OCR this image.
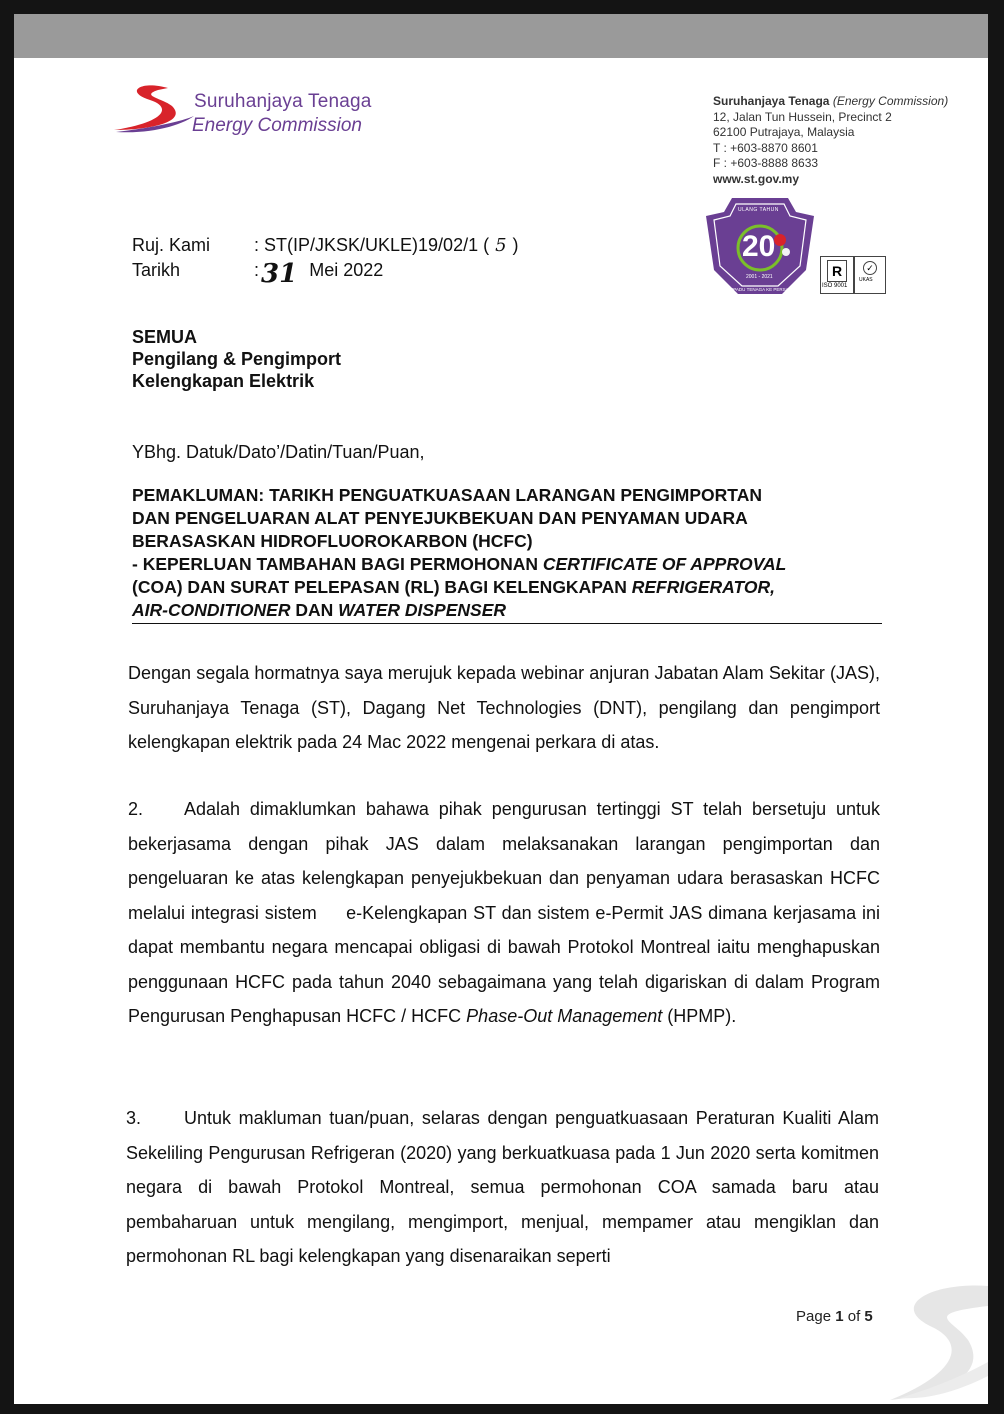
Suruhanjaya Tenaga
Energy Commission
Suruhanjaya Tenaga (Energy Commission)
12, Jalan Tun Hussein, Precinct 2
62100 Putrajaya, Malaysia
T : +603-8870 8601
F : +603-8888 8633
www.st.gov.my
ULANG TAHUN
20
2001 - 2021
BERPADU TENAGA KE PERSADA DUNIA
R
ISO 9001
✓
UKAS
Ruj. Kami : ST(IP/JKSK/UKLE)19/02/1 ( 5 )
Tarikh	:31 Mei 2022
SEMUA
Pengilang & Pengimport
Kelengkapan Elektrik
YBhg. Datuk/Dato’/Datin/Tuan/Puan,
PEMAKLUMAN: TARIKH PENGUATKUASAAN LARANGAN PENGIMPORTAN
DAN PENGELUARAN ALAT PENYEJUKBEKUAN DAN PENYAMAN UDARA
BERASASKAN HIDROFLUOROKARBON (HCFC)
- KEPERLUAN TAMBAHAN BAGI PERMOHONAN CERTIFICATE OF APPROVAL
(COA) DAN SURAT PELEPASAN (RL) BAGI KELENGKAPAN REFRIGERATOR,
AIR-CONDITIONER DAN WATER DISPENSER
Dengan segala hormatnya saya merujuk kepada webinar anjuran Jabatan Alam Sekitar (JAS), Suruhanjaya Tenaga (ST), Dagang Net Technologies (DNT), pengilang dan pengimport kelengkapan elektrik pada 24 Mac 2022 mengenai perkara di atas.
2. Adalah dimaklumkan bahawa pihak pengurusan tertinggi ST telah bersetuju untuk bekerjasama dengan pihak JAS dalam melaksanakan larangan pengimportan dan pengeluaran ke atas kelengkapan penyejukbekuan dan penyaman udara berasaskan HCFC melalui integrasi sistem     e-Kelengkapan ST dan sistem e-Permit JAS dimana kerjasama ini dapat membantu negara mencapai obligasi di bawah Protokol Montreal iaitu menghapuskan penggunaan HCFC pada tahun 2040 sebagaimana yang telah digariskan di dalam Program Pengurusan Penghapusan HCFC / HCFC Phase-Out Management (HPMP).
3. Untuk makluman tuan/puan, selaras dengan penguatkuasaan Peraturan Kualiti Alam Sekeliling Pengurusan Refrigeran (2020) yang berkuatkuasa pada 1 Jun 2020 serta komitmen negara di bawah Protokol Montreal, semua permohonan COA samada baru atau pembaharuan untuk mengilang, mengimport, menjual, mempamer atau mengiklan dan permohonan RL bagi kelengkapan yang disenaraikan seperti
Page 1 of 5
